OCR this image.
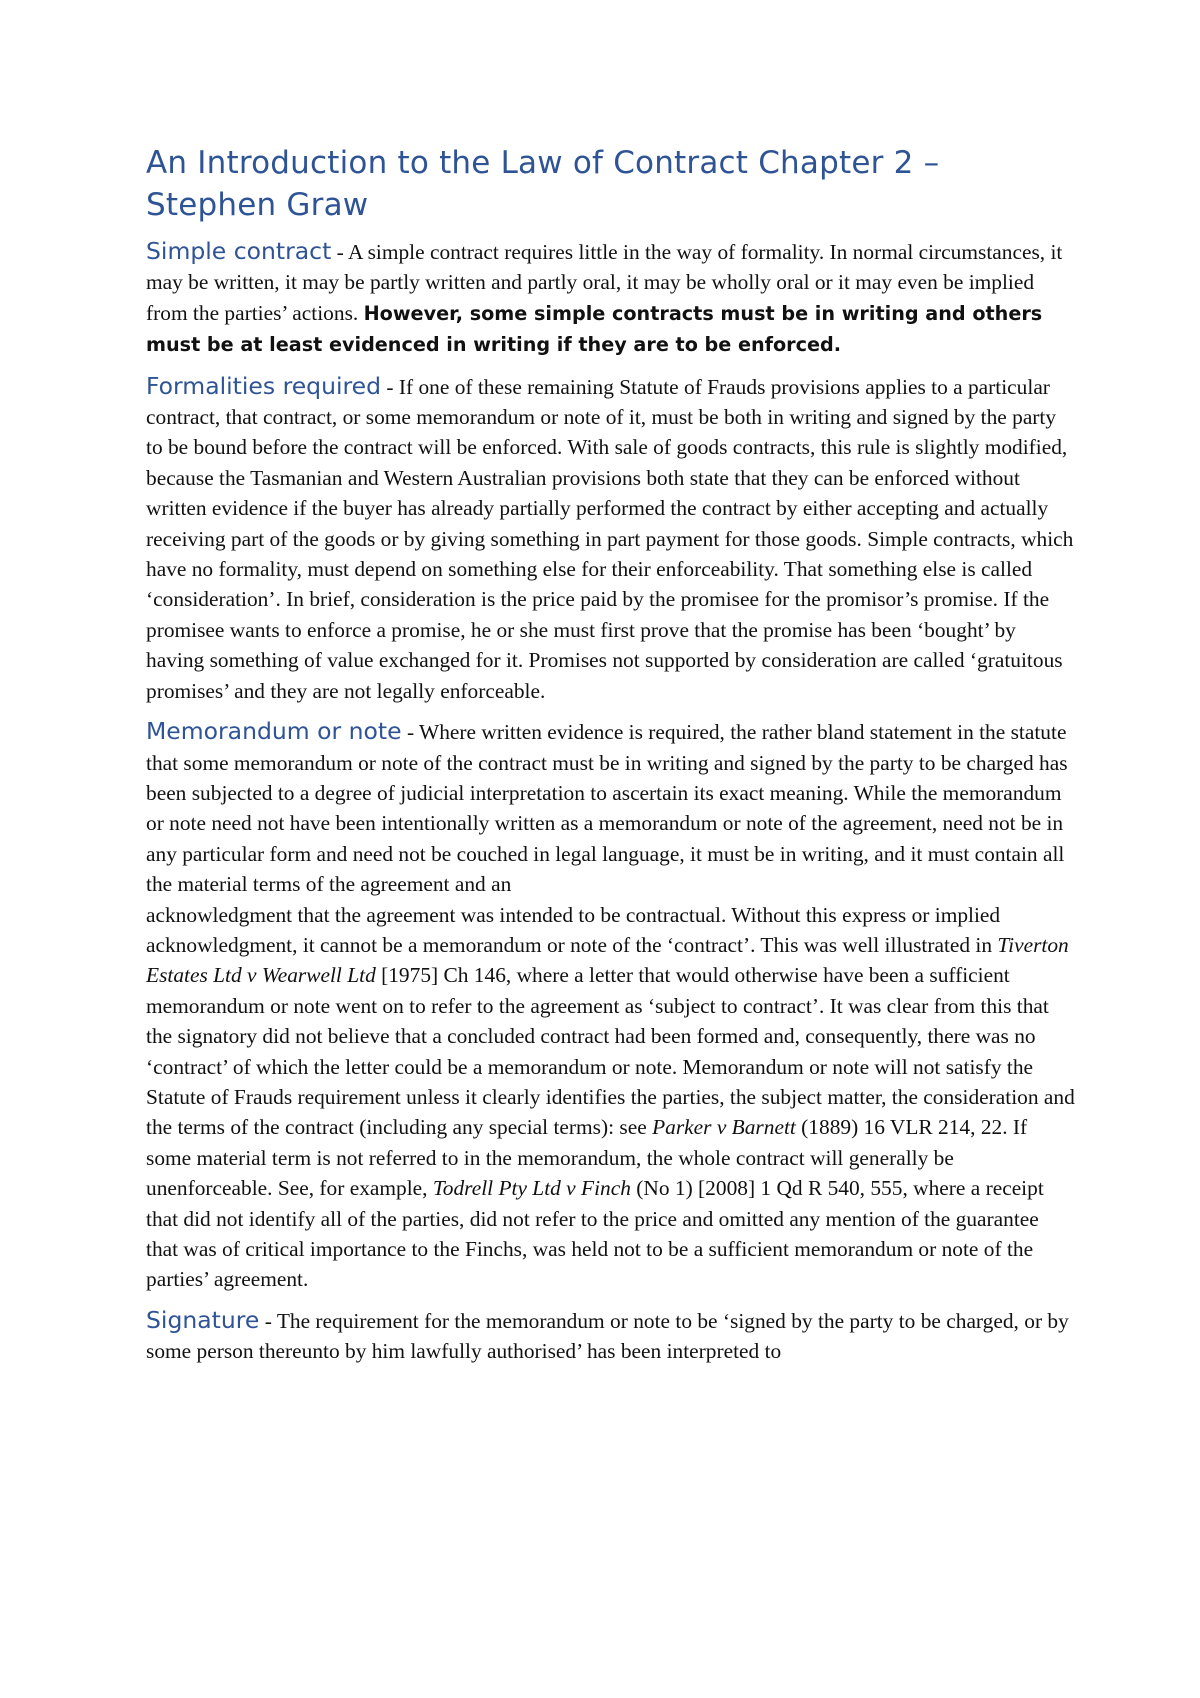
An Introduction to the Law of Contract Chapter 2 – Stephen Graw

Simple contract - A simple contract requires little in the way of formality. In normal circumstances, it may be written, it may be partly written and partly oral, it may be wholly oral or it may even be implied from the parties’ actions. However, some simple contracts must be in writing and others must be at least evidenced in writing if they are to be enforced.

Formalities required - If one of these remaining Statute of Frauds provisions applies to a particular contract, that contract, or some memorandum or note of it, must be both in writing and signed by the party to be bound before the contract will be enforced. With sale of goods contracts, this rule is slightly modified, because the Tasmanian and Western Australian provisions both state that they can be enforced without written evidence if the buyer has already partially performed the contract by either accepting and actually receiving part of the goods or by giving something in part payment for those goods. Simple contracts, which have no formality, must depend on something else for their enforceability. That something else is called ‘consideration’. In brief, consideration is the price paid by the promisee for the promisor’s promise. If the promisee wants to enforce a promise, he or she must first prove that the promise has been ‘bought’ by having something of value exchanged for it. Promises not supported by consideration are called ‘gratuitous promises’ and they are not legally enforceable.

Memorandum or note - Where written evidence is required, the rather bland statement in the statute that some memorandum or note of the contract must be in writing and signed by the party to be charged has been subjected to a degree of judicial interpretation to ascertain its exact meaning. While the memorandum or note need not have been intentionally written as a memorandum or note of the agreement, need not be in any particular form and need not be couched in legal language, it must be in writing, and it must contain all the material terms of the agreement and an

acknowledgment that the agreement was intended to be contractual. Without this express or implied acknowledgment, it cannot be a memorandum or note of the ‘contract’. This was well illustrated in Tiverton Estates Ltd v Wearwell Ltd [1975] Ch 146, where a letter that would otherwise have been a sufficient memorandum or note went on to refer to the agreement as ‘subject to contract’. It was clear from this that the signatory did not believe that a concluded contract had been formed and, consequently, there was no ‘contract’ of which the letter could be a memorandum or note. Memorandum or note will not satisfy the Statute of Frauds requirement unless it clearly identifies the parties, the subject matter, the consideration and the terms of the contract (including any special terms): see Parker v Barnett (1889) 16 VLR 214, 22. If some material term is not referred to in the memorandum, the whole contract will generally be unenforceable. See, for example, Todrell Pty Ltd v Finch (No 1) [2008] 1 Qd R 540, 555, where a receipt that did not identify all of the parties, did not refer to the price and omitted any mention of the guarantee that was of critical importance to the Finchs, was held not to be a sufficient memorandum or note of the parties’ agreement.

Signature - The requirement for the memorandum or note to be ‘signed by the party to be charged, or by some person thereunto by him lawfully authorised’ has been interpreted to
